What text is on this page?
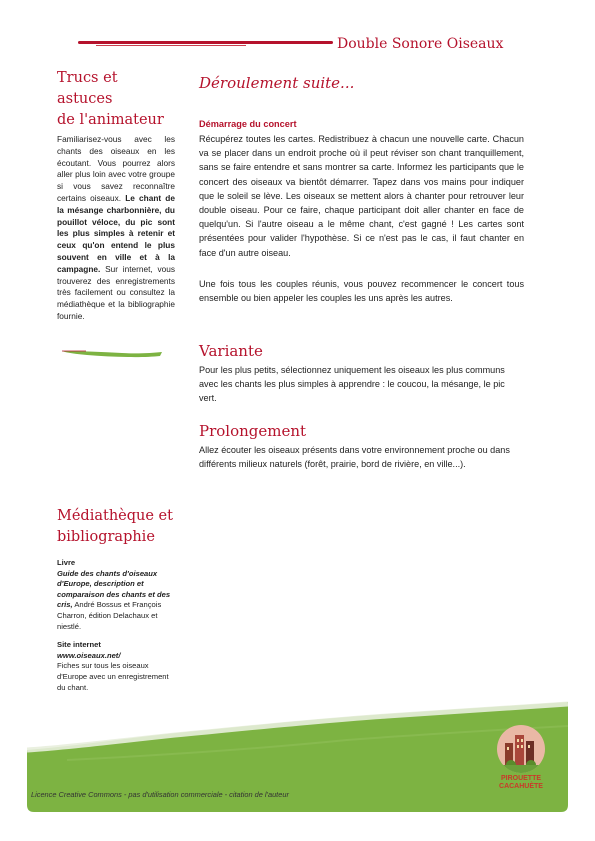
Double Sonore Oiseaux
Trucs et astuces
de l'animateur
Familiarisez-vous avec les chants des oiseaux en les écoutant. Vous pourrez alors aller plus loin avec votre groupe si vous savez reconnaître certains oiseaux. Le chant de la mésange charbonnière, du pouillot véloce, du pic sont les plus simples à retenir et ceux qu'on entend le plus souvent en ville et à la campagne. Sur internet, vous trouverez des enregistrements très facilement ou consultez la médiathèque et la bibliographie fournie.
Médiathèque et
bibliographie
Livre
Guide des chants d'oiseaux d'Europe, description et comparaison des chants et des cris, André Bossus et François Charron, édition Delachaux et niestlé.
Site internet
www.oiseaux.net/
Fiches sur tous les oiseaux d'Europe avec un enregistrement du chant.
Déroulement suite...
Démarrage du concert

Récupérez toutes les cartes. Redistribuez à chacun une nouvelle carte. Chacun va se placer dans un endroit proche où il peut réviser son chant tranquillement, sans se faire entendre et sans montrer sa carte. Informez les participants que le concert des oiseaux va bientôt démarrer. Tapez dans vos mains pour indiquer que le soleil se lève. Les oiseaux se mettent alors à chanter pour retrouver leur double oiseau. Pour ce faire, chaque participant doit aller chanter en face de quelqu'un. Si l'autre oiseau a le même chant, c'est gagné ! Les cartes sont présentées pour valider l'hypothèse. Si ce n'est pas le cas, il faut chanter en face d'un autre oiseau.

Une fois tous les couples réunis, vous pouvez recommencer le concert tous ensemble ou bien appeler les couples les uns après les autres.

Variante

Pour les plus petits, sélectionnez uniquement les oiseaux les plus communs avec les chants les plus simples à apprendre : le coucou, la mésange, le pic vert.

Prolongement

Allez écouter les oiseaux présents dans votre environnement proche ou dans différents milieux naturels (forêt, prairie, bord de rivière, en ville...).

Licence Creative Commons - pas d'utilisation commerciale - citation de l'auteur
PIROUETTE
CACAHUÈTE
